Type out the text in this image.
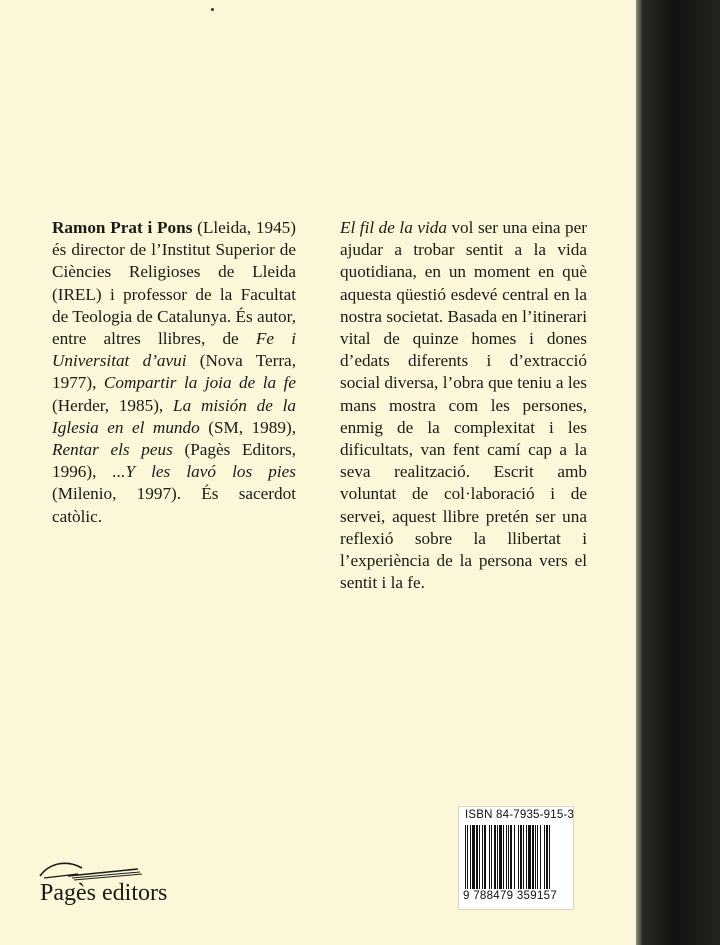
Ramon Prat i Pons (Lleida, 1945) és director de l’Institut Superior de Ciències Religioses de Lleida (IREL) i professor de la Facultat de Teologia de Catalunya. És autor, entre altres llibres, de Fe i Universitat d’avui (Nova Terra, 1977), Compartir la joia de la fe (Herder, 1985), La misión de la Iglesia en el mundo (SM, 1989), Rentar els peus (Pagès Editors, 1996), ...Y les lavó los pies (Milenio, 1997). És sacerdot catòlic.

El fil de la vida vol ser una eina per ajudar a trobar sentit a la vida quotidiana, en un moment en què aquesta qüestió esdevé central en la nostra societat. Basada en l’itinerari vital de quinze homes i dones d’edats diferents i d’extracció social diversa, l’obra que teniu a les mans mostra com les persones, enmig de la complexitat i les dificultats, van fent camí cap a la seva realització. Escrit amb voluntat de col·laboració i de servei, aquest llibre pretén ser una reflexió sobre la llibertat i l’experiència de la persona vers el sentit i la fe.

Pagès editors
ISBN 84-7935-915-3
9 788479 359157
